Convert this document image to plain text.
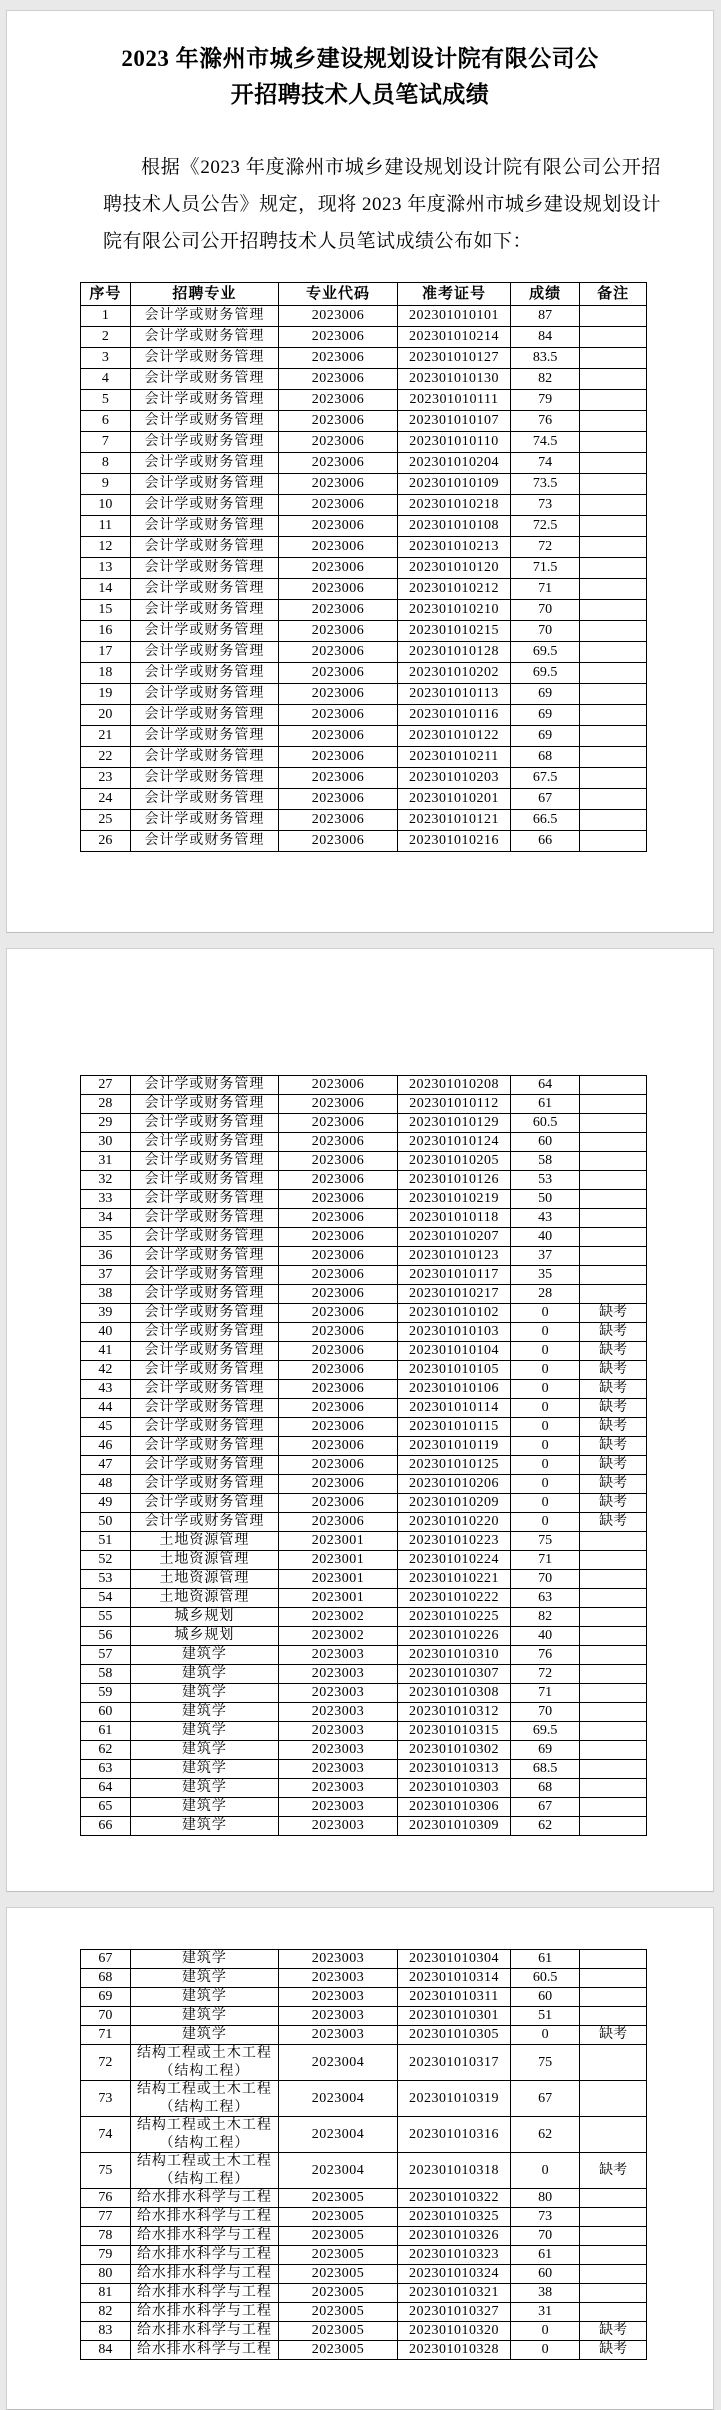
2023 年滁州市城乡建设规划设计院有限公司公开招聘技术人员笔试成绩

根据《2023 年度滁州市城乡建设规划设计院有限公司公开招聘技术人员公告》规定，现将 2023 年度滁州市城乡建设规划设计院有限公司公开招聘技术人员笔试成绩公布如下：

序号	招聘专业	专业代码	准考证号	成绩	备注
1	会计学或财务管理	2023006	202301010101	87	
2	会计学或财务管理	2023006	202301010214	84	
3	会计学或财务管理	2023006	202301010127	83.5	
4	会计学或财务管理	2023006	202301010130	82	
5	会计学或财务管理	2023006	202301010111	79	
6	会计学或财务管理	2023006	202301010107	76	
7	会计学或财务管理	2023006	202301010110	74.5	
8	会计学或财务管理	2023006	202301010204	74	
9	会计学或财务管理	2023006	202301010109	73.5	
10	会计学或财务管理	2023006	202301010218	73	
11	会计学或财务管理	2023006	202301010108	72.5	
12	会计学或财务管理	2023006	202301010213	72	
13	会计学或财务管理	2023006	202301010120	71.5	
14	会计学或财务管理	2023006	202301010212	71	
15	会计学或财务管理	2023006	202301010210	70	
16	会计学或财务管理	2023006	202301010215	70	
17	会计学或财务管理	2023006	202301010128	69.5	
18	会计学或财务管理	2023006	202301010202	69.5	
19	会计学或财务管理	2023006	202301010113	69	
20	会计学或财务管理	2023006	202301010116	69	
21	会计学或财务管理	2023006	202301010122	69	
22	会计学或财务管理	2023006	202301010211	68	
23	会计学或财务管理	2023006	202301010203	67.5	
24	会计学或财务管理	2023006	202301010201	67	
25	会计学或财务管理	2023006	202301010121	66.5	
26	会计学或财务管理	2023006	202301010216	66	
27	会计学或财务管理	2023006	202301010208	64	
28	会计学或财务管理	2023006	202301010112	61	
29	会计学或财务管理	2023006	202301010129	60.5	
30	会计学或财务管理	2023006	202301010124	60	
31	会计学或财务管理	2023006	202301010205	58	
32	会计学或财务管理	2023006	202301010126	53	
33	会计学或财务管理	2023006	202301010219	50	
34	会计学或财务管理	2023006	202301010118	43	
35	会计学或财务管理	2023006	202301010207	40	
36	会计学或财务管理	2023006	202301010123	37	
37	会计学或财务管理	2023006	202301010117	35	
38	会计学或财务管理	2023006	202301010217	28	
39	会计学或财务管理	2023006	202301010102	0	缺考
40	会计学或财务管理	2023006	202301010103	0	缺考
41	会计学或财务管理	2023006	202301010104	0	缺考
42	会计学或财务管理	2023006	202301010105	0	缺考
43	会计学或财务管理	2023006	202301010106	0	缺考
44	会计学或财务管理	2023006	202301010114	0	缺考
45	会计学或财务管理	2023006	202301010115	0	缺考
46	会计学或财务管理	2023006	202301010119	0	缺考
47	会计学或财务管理	2023006	202301010125	0	缺考
48	会计学或财务管理	2023006	202301010206	0	缺考
49	会计学或财务管理	2023006	202301010209	0	缺考
50	会计学或财务管理	2023006	202301010220	0	缺考
51	土地资源管理	2023001	202301010223	75	
52	土地资源管理	2023001	202301010224	71	
53	土地资源管理	2023001	202301010221	70	
54	土地资源管理	2023001	202301010222	63	
55	城乡规划	2023002	202301010225	82	
56	城乡规划	2023002	202301010226	40	
57	建筑学	2023003	202301010310	76	
58	建筑学	2023003	202301010307	72	
59	建筑学	2023003	202301010308	71	
60	建筑学	2023003	202301010312	70	
61	建筑学	2023003	202301010315	69.5	
62	建筑学	2023003	202301010302	69	
63	建筑学	2023003	202301010313	68.5	
64	建筑学	2023003	202301010303	68	
65	建筑学	2023003	202301010306	67	
66	建筑学	2023003	202301010309	62	
67	建筑学	2023003	202301010304	61	
68	建筑学	2023003	202301010314	60.5	
69	建筑学	2023003	202301010311	60	
70	建筑学	2023003	202301010301	51	
71	建筑学	2023003	202301010305	0	缺考
72	结构工程或土木工程（结构工程）	2023004	202301010317	75	
73	结构工程或土木工程（结构工程）	2023004	202301010319	67	
74	结构工程或土木工程（结构工程）	2023004	202301010316	62	
75	结构工程或土木工程（结构工程）	2023004	202301010318	0	缺考
76	给水排水科学与工程	2023005	202301010322	80	
77	给水排水科学与工程	2023005	202301010325	73	
78	给水排水科学与工程	2023005	202301010326	70	
79	给水排水科学与工程	2023005	202301010323	61	
80	给水排水科学与工程	2023005	202301010324	60	
81	给水排水科学与工程	2023005	202301010321	38	
82	给水排水科学与工程	2023005	202301010327	31	
83	给水排水科学与工程	2023005	202301010320	0	缺考
84	给水排水科学与工程	2023005	202301010328	0	缺考
